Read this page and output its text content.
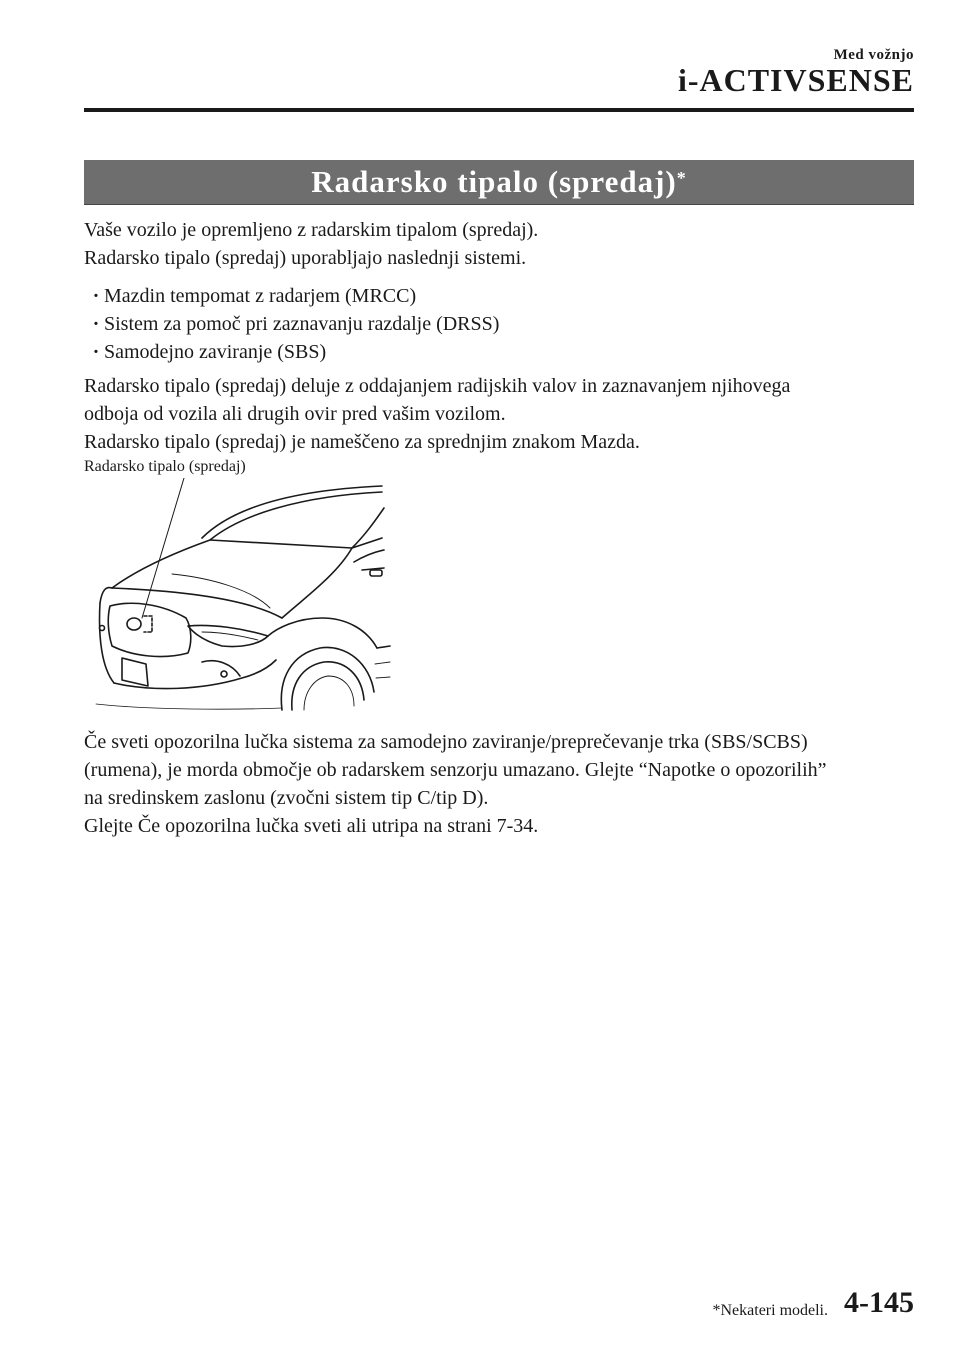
Med vožnjo
i-ACTIVSENSE
Radarsko tipalo (spredaj)*

Vaše vozilo je opremljeno z radarskim tipalom (spredaj).

Radarsko tipalo (spredaj) uporabljajo naslednji sistemi.

· Mazdin tempomat z radarjem (MRCC)
· Sistem za pomoč pri zaznavanju razdalje (DRSS)
· Samodejno zaviranje (SBS)

Radarsko tipalo (spredaj) deluje z oddajanjem radijskih valov in zaznavanjem njihovega

odboja od vozila ali drugih ovir pred vašim vozilom.

Radarsko tipalo (spredaj) je nameščeno za sprednjim znakom Mazda.

Radarsko tipalo (spredaj)

Če sveti opozorilna lučka sistema za samodejno zaviranje/preprečevanje trka (SBS/SCBS)

(rumena), je morda območje ob radarskem senzorju umazano. Glejte “Napotke o opozorilih”

na sredinskem zaslonu (zvočni sistem tip C/tip D).

Glejte Če opozorilna lučka sveti ali utripa na strani 7-34.

*Nekateri modeli. 4-145
